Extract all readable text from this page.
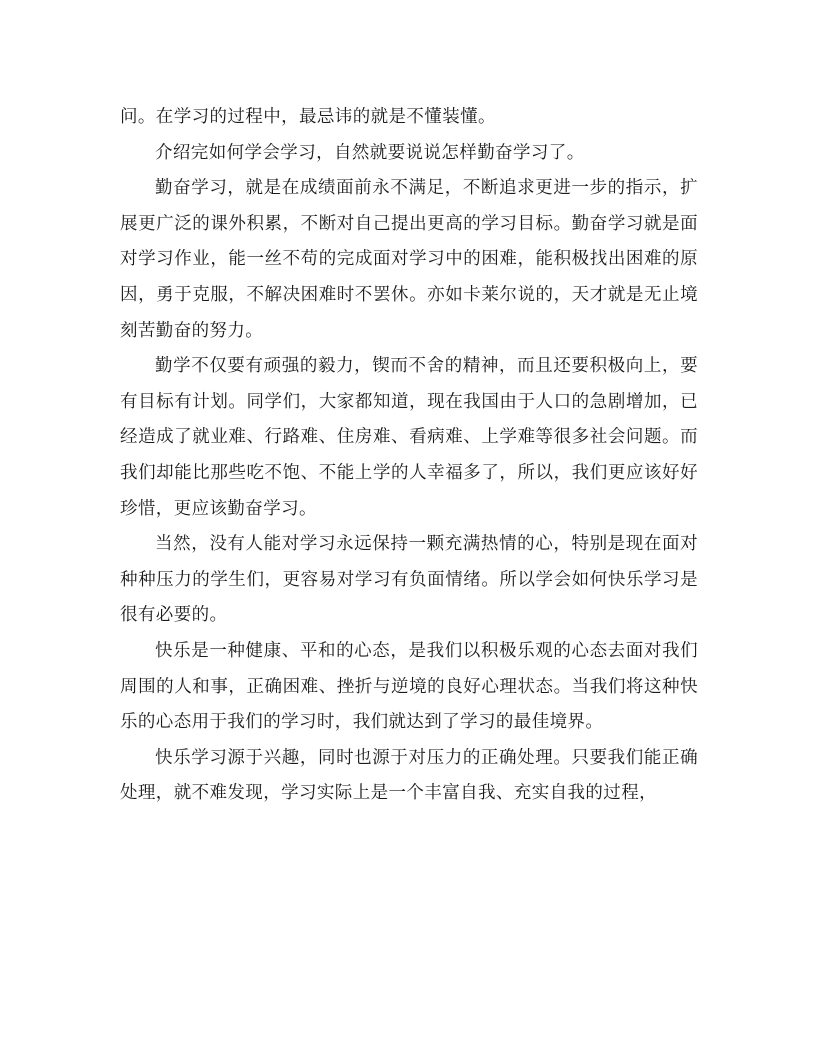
问。在学习的过程中，最忌讳的就是不懂装懂。

介绍完如何学会学习，自然就要说说怎样勤奋学习了。

勤奋学习，就是在成绩面前永不满足，不断追求更进一步的指示，扩展更广泛的课外积累，不断对自己提出更高的学习目标。勤奋学习就是面对学习作业，能一丝不苟的完成面对学习中的困难，能积极找出困难的原因，勇于克服，不解决困难时不罢休。亦如卡莱尔说的，天才就是无止境刻苦勤奋的努力。

勤学不仅要有顽强的毅力，锲而不舍的精神，而且还要积极向上，要有目标有计划。同学们，大家都知道，现在我国由于人口的急剧增加，已经造成了就业难、行路难、住房难、看病难、上学难等很多社会问题。而我们却能比那些吃不饱、不能上学的人幸福多了，所以，我们更应该好好珍惜，更应该勤奋学习。

当然，没有人能对学习永远保持一颗充满热情的心，特别是现在面对种种压力的学生们，更容易对学习有负面情绪。所以学会如何快乐学习是很有必要的。

快乐是一种健康、平和的心态，是我们以积极乐观的心态去面对我们周围的人和事，正确困难、挫折与逆境的良好心理状态。当我们将这种快乐的心态用于我们的学习时，我们就达到了学习的最佳境界。

快乐学习源于兴趣，同时也源于对压力的正确处理。只要我们能正确处理，就不难发现，学习实际上是一个丰富自我、充实自我的过程，
